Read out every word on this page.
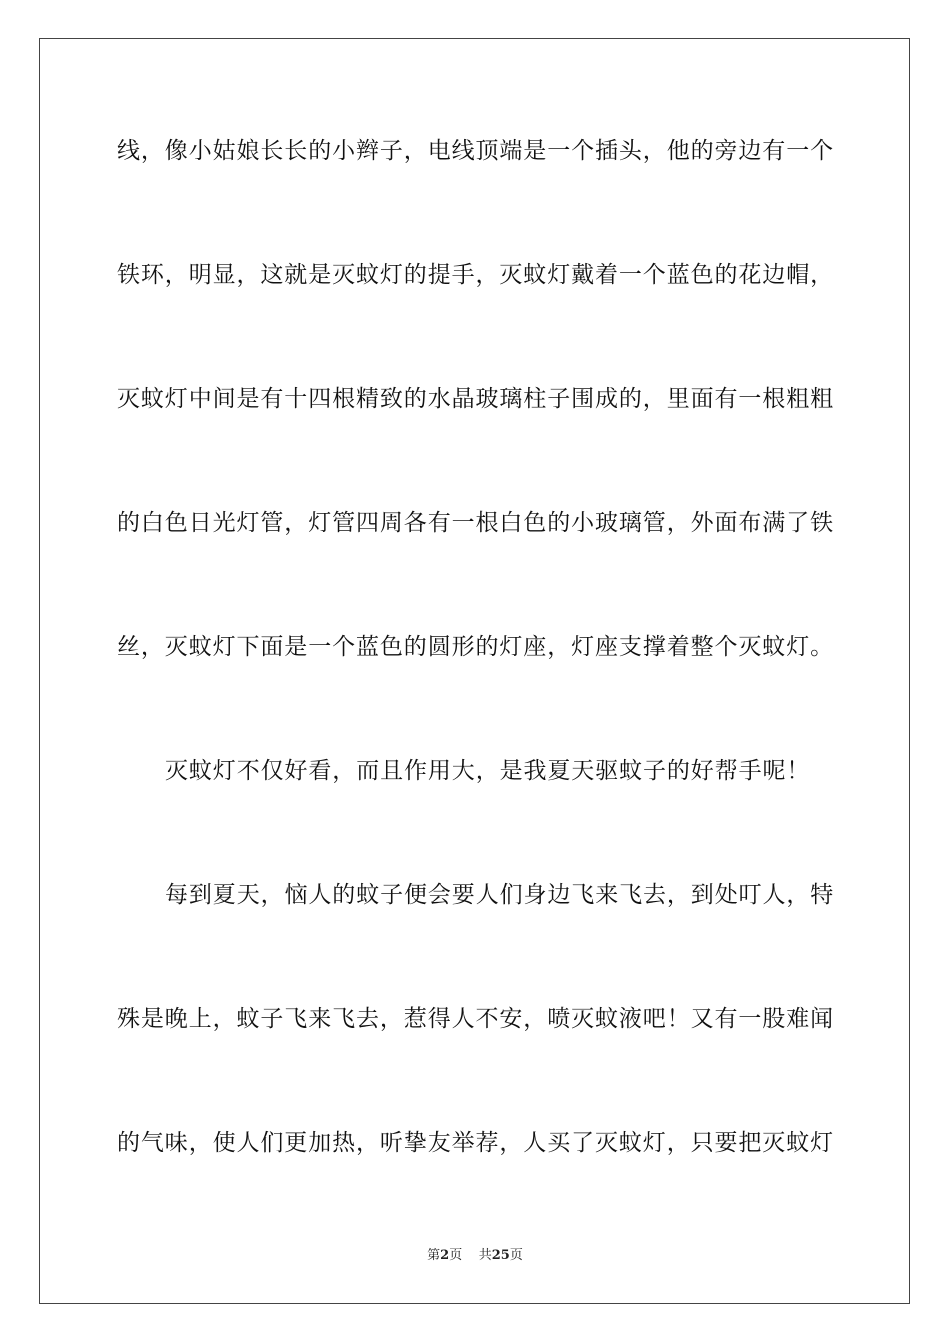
线，像小姑娘长长的小辫子，电线顶端是一个插头，他的旁边有一个
铁环，明显，这就是灭蚊灯的提手，灭蚊灯戴着一个蓝色的花边帽，
灭蚊灯中间是有十四根精致的水晶玻璃柱子围成的，里面有一根粗粗
的白色日光灯管，灯管四周各有一根白色的小玻璃管，外面布满了铁
丝，灭蚊灯下面是一个蓝色的圆形的灯座，灯座支撑着整个灭蚊灯。
灭蚊灯不仅好看，而且作用大，是我夏天驱蚊子的好帮手呢！
每到夏天，恼人的蚊子便会要人们身边飞来飞去，到处叮人，特
殊是晚上，蚊子飞来飞去，惹得人不安，喷灭蚊液吧！又有一股难闻
的气味，使人们更加热，听挚友举荐，人买了灭蚊灯，只要把灭蚊灯
第2页 共25页
